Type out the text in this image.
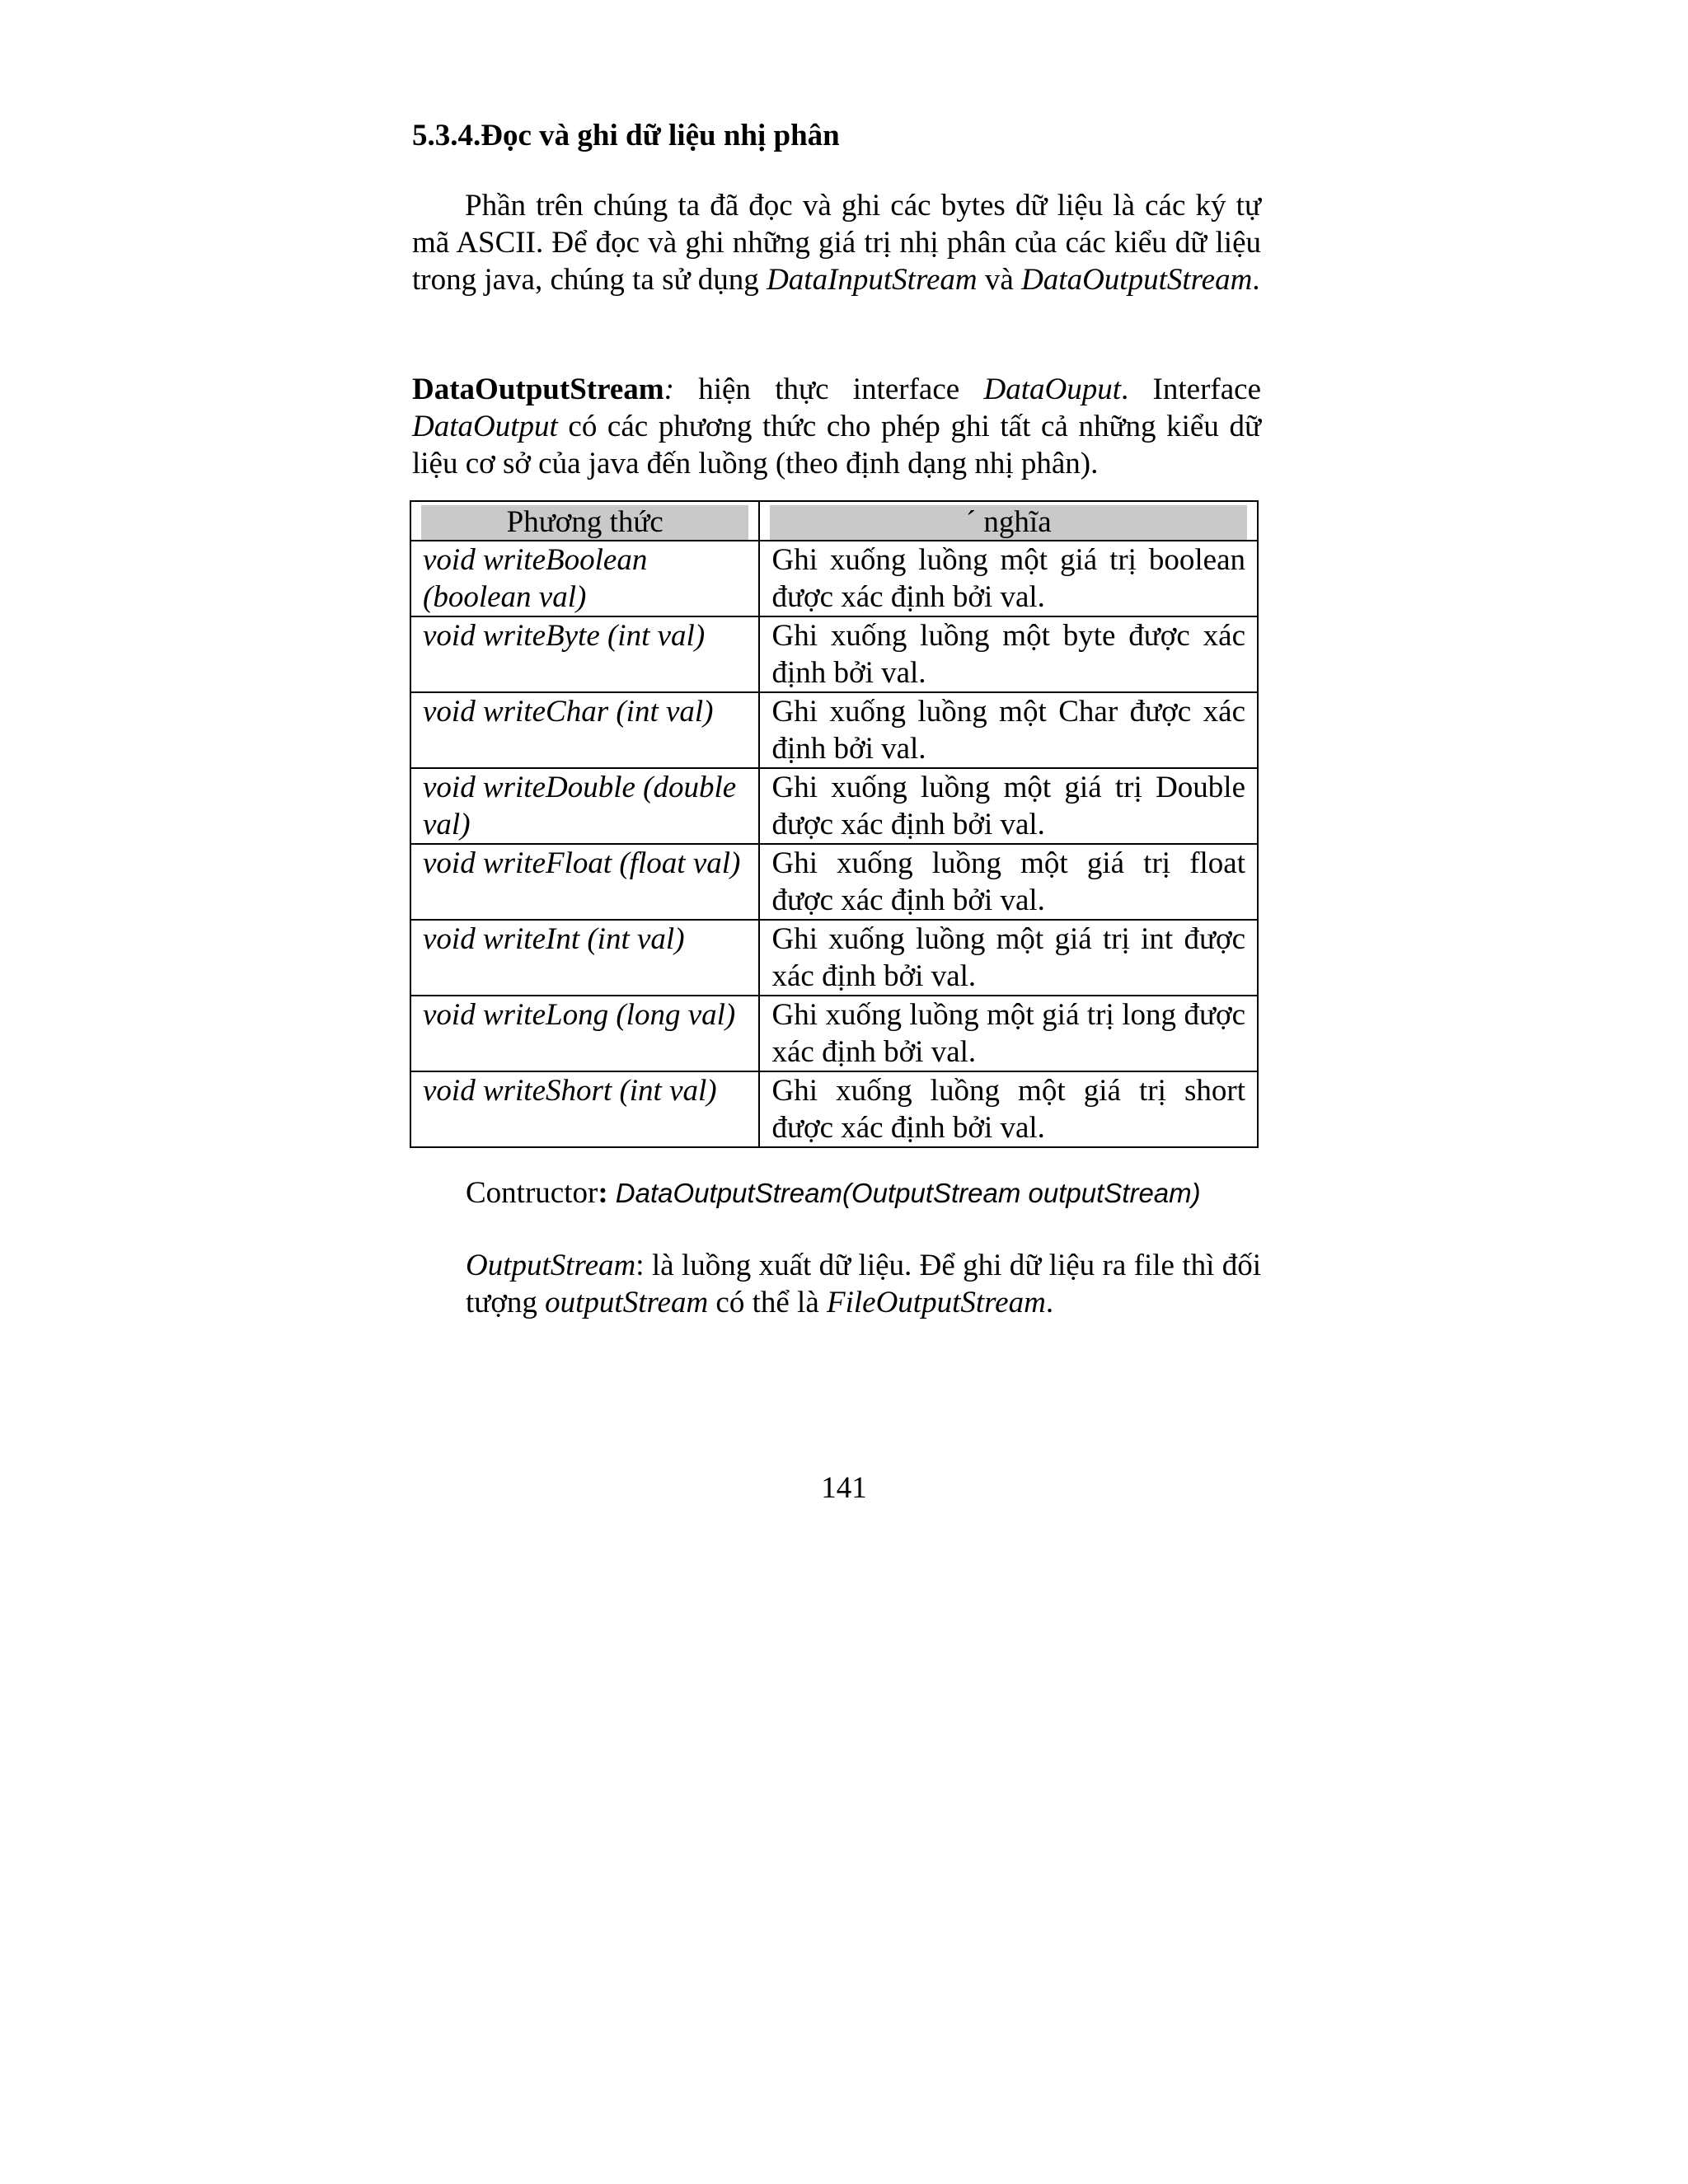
5.3.4.Đọc và ghi dữ liệu nhị phân

Phần trên chúng ta đã đọc và ghi các bytes dữ liệu là các ký tự mã ASCII. Để đọc và ghi những giá trị nhị phân của các kiểu dữ liệu trong java, chúng ta sử dụng DataInputStream và DataOutputStream.

DataOutputStream: hiện thực interface DataOuput. Interface DataOutput có các phương thức cho phép ghi tất cả những kiểu dữ liệu cơ sở của java đến luồng (theo định dạng nhị phân).

Phương thức	ˊ nghĩa

void writeBoolean (boolean val)	Ghi xuống luồng một giá trị boolean được xác định bởi val.
void writeByte (int val)	Ghi xuống luồng một byte được xác định bởi val.
void writeChar (int val)	Ghi xuống luồng một Char được xác định bởi val.
void writeDouble (double val)	Ghi xuống luồng một giá trị Double được xác định bởi val.
void writeFloat (float val)	Ghi xuống luồng một giá trị float được xác định bởi val.
void writeInt (int val)	Ghi xuống luồng một giá trị int được xác định bởi val.
void writeLong (long val)	Ghi xuống luồng một giá trị long được xác định bởi val.
void writeShort (int val)	Ghi xuống luồng một giá trị short được xác định bởi val.

Contructor: DataOutputStream(OutputStream outputStream)

OutputStream: là luồng xuất dữ liệu. Để ghi dữ liệu ra file thì đối tượng outputStream có thể là FileOutputStream.

141
